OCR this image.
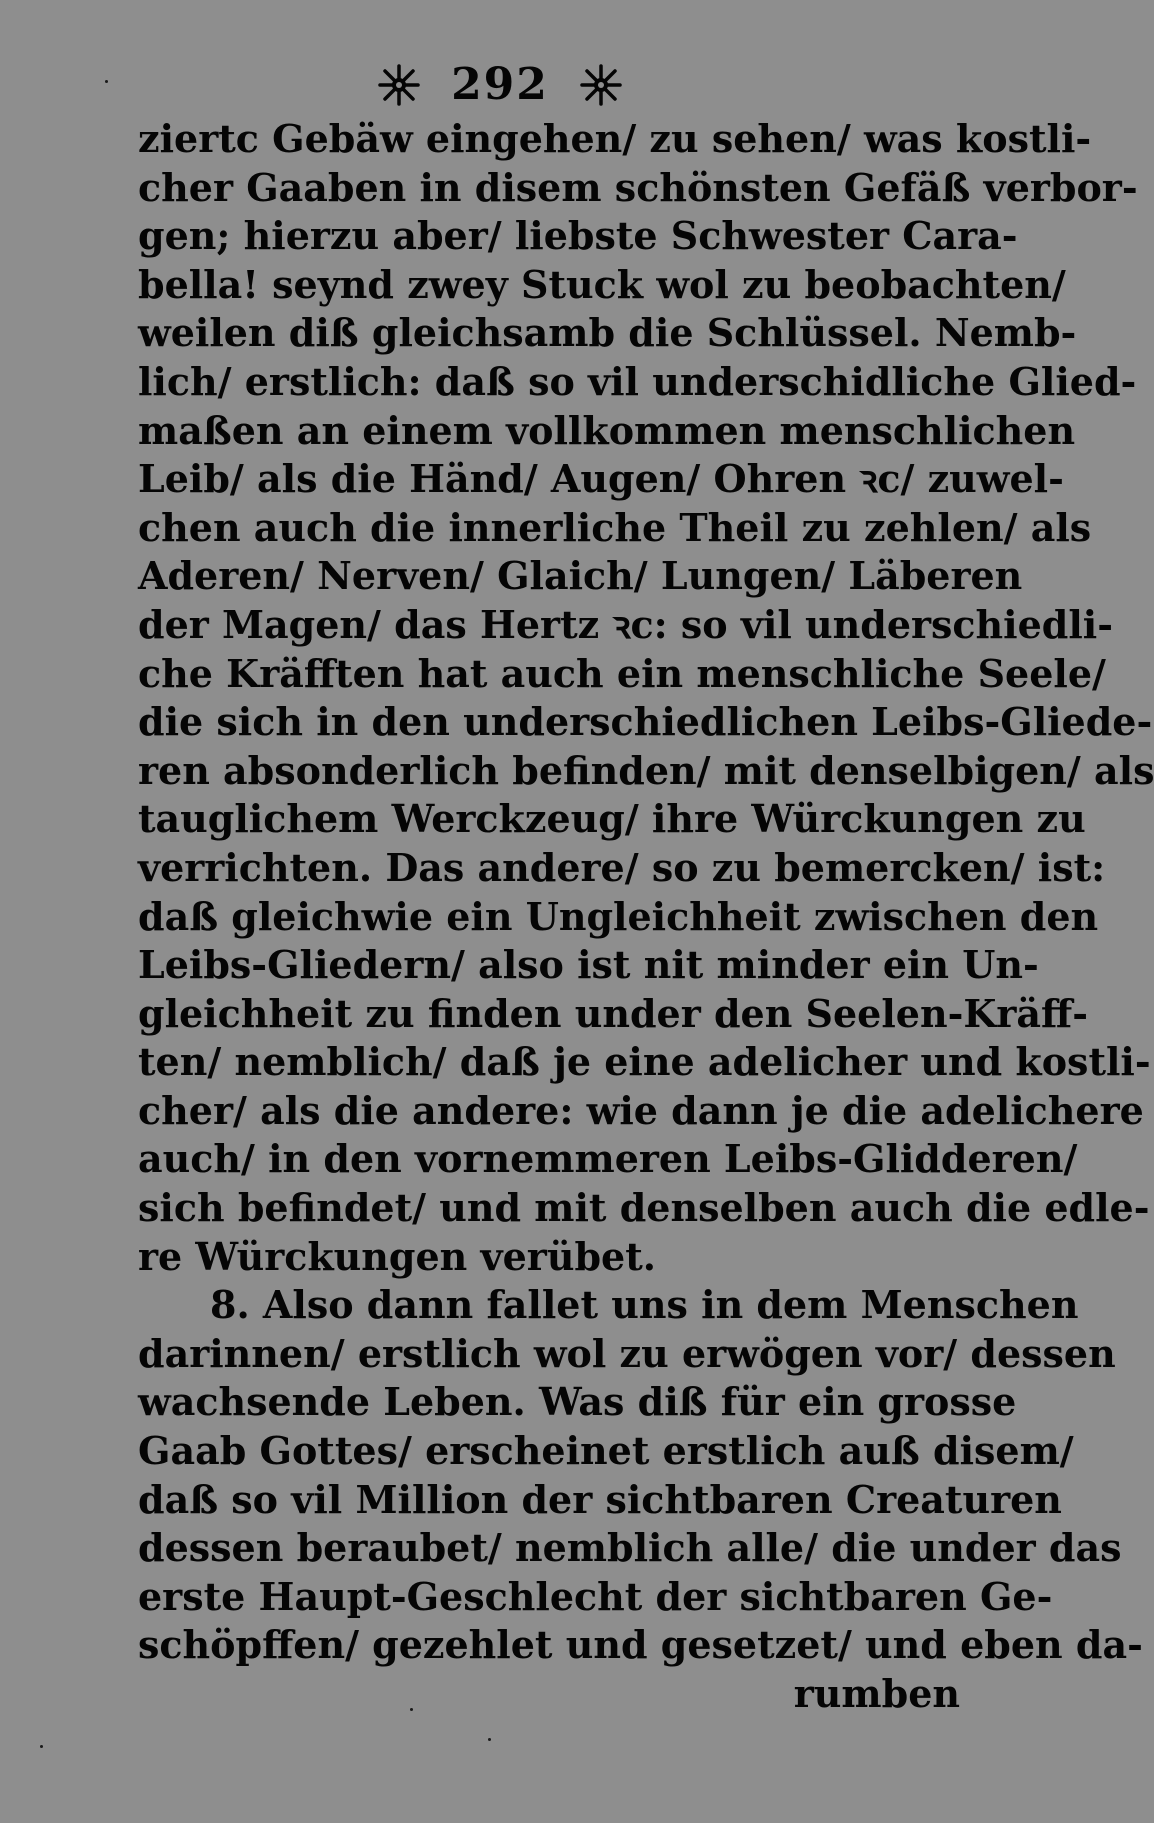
292
ziertc Gebäw eingehen/ zu sehen/ was kostli-
cher Gaaben in disem schönsten Gefäß verbor-
gen; hierzu aber/ liebste Schwester Cara-
bella! seynd zwey Stuck wol zu beobachten/
weilen diß gleichsamb die Schlüssel. Nemb-
lich/ erstlich: daß so vil underschidliche Glied-
maßen an einem vollkommen menschlichen
Leib/ als die Händ/ Augen/ Ohren ꝛc/ zuwel-
chen auch die innerliche Theil zu zehlen/ als
Aderen/ Nerven/ Glaich/ Lungen/ Läberen
der Magen/ das Hertz ꝛc: so vil underschiedli-
che Kräfften hat auch ein menschliche Seele/
die sich in den underschiedlichen Leibs-Gliede-
ren absonderlich befinden/ mit denselbigen/ als
tauglichem Werckzeug/ ihre Würckungen zu
verrichten. Das andere/ so zu bemercken/ ist:
daß gleichwie ein Ungleichheit zwischen den
Leibs-Gliedern/ also ist nit minder ein Un-
gleichheit zu finden under den Seelen-Kräff-
ten/ nemblich/ daß je eine adelicher und kostli-
cher/ als die andere: wie dann je die adelichere
auch/ in den vornemmeren Leibs-Glidderen/
sich befindet/ und mit denselben auch die edle-
re Würckungen verübet.
8. Also dann fallet uns in dem Menschen
darinnen/ erstlich wol zu erwögen vor/ dessen
wachsende Leben. Was diß für ein grosse
Gaab Gottes/ erscheinet erstlich auß disem/
daß so vil Million der sichtbaren Creaturen
dessen beraubet/ nemblich alle/ die under das
erste Haupt-Geschlecht der sichtbaren Ge-
schöpffen/ gezehlet und gesetzet/ und eben da-
rumben
